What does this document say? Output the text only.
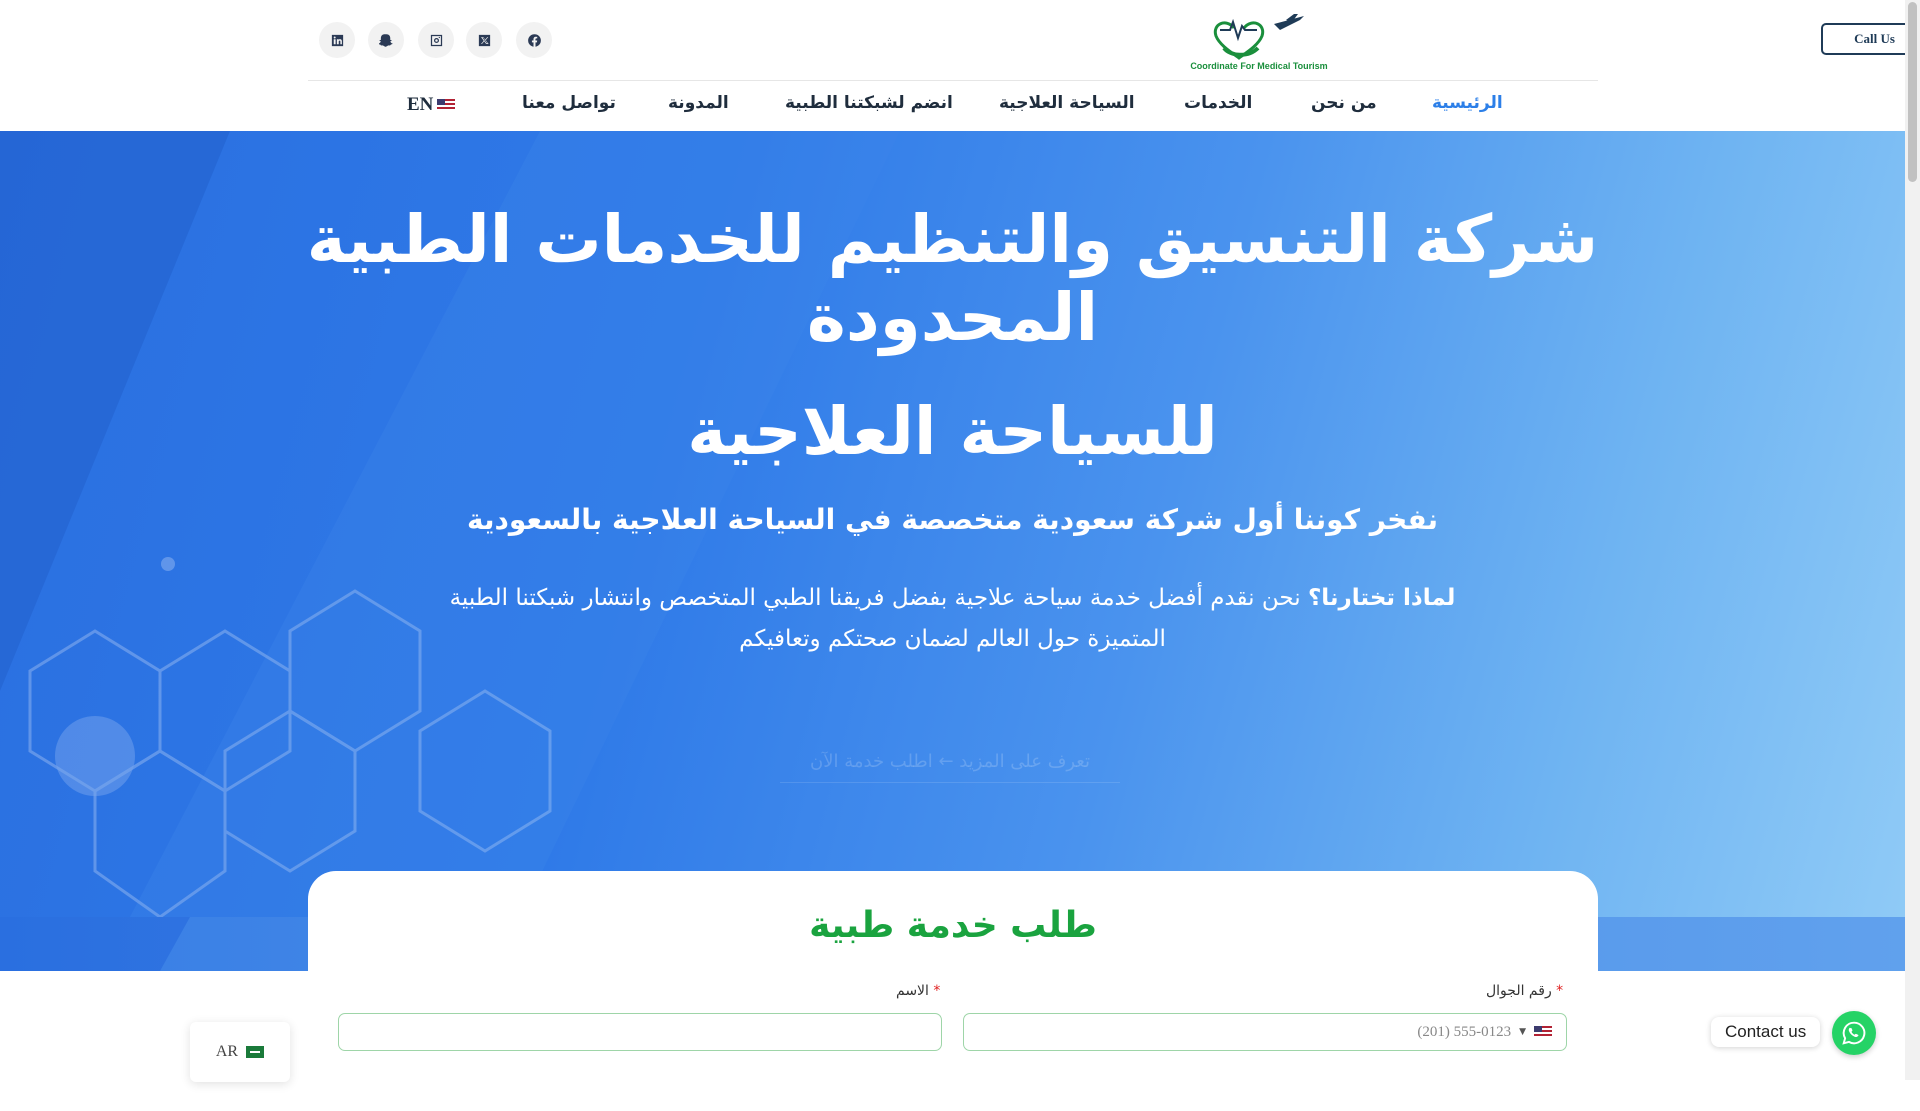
Coordinate For Medical Tourism
Call Us
الرئيسية
من نحن
الخدمات
السياحة العلاجية
انضم لشبكتنا الطبية
المدونة
تواصل معنا
EN
شركة التنسيق والتنظيم للخدمات الطبية
المحدودة
للسياحة العلاجية
نفخر كوننا أول شركة سعودية متخصصة في السياحة العلاجية بالسعودية
لماذا تختارنا؟ نحن نقدم أفضل خدمة سياحة علاجية بفضل فريقنا الطبي المتخصص وانتشار شبكتنا الطبية المتميزة حول العالم لضمان صحتكم وتعافيكم
تعرف على المزيد ← اطلب خدمة الآن
طلب خدمة طبية
* رقم الجوال
* الاسم
(201) 555-0123 ▼
AR
Contact us
